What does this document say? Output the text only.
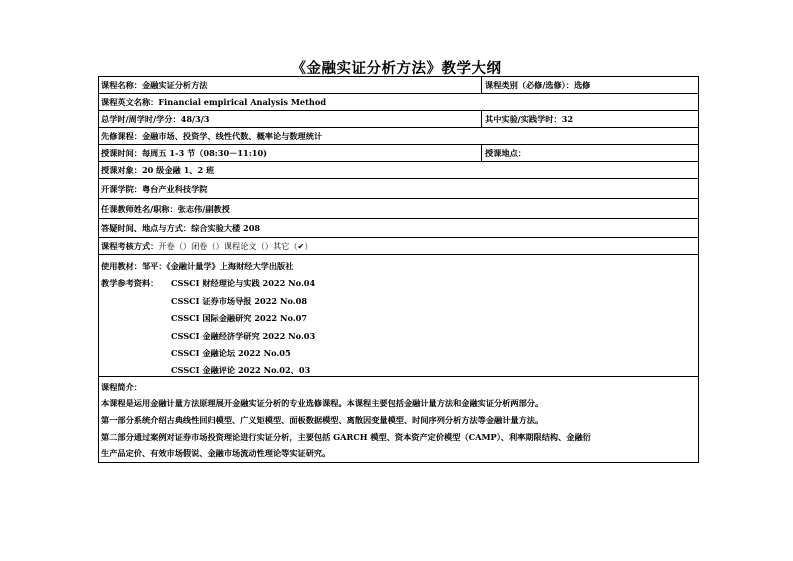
《金融实证分析方法》教学大纲
课程名称：金融实证分析方法	课程类别（必修/选修）：选修
课程英文名称：Financial empirical Analysis Method
总学时/周学时/学分：48/3/3	其中实验/实践学时：32
先修课程：金融市场、投资学、线性代数、概率论与数理统计
授课时间：每周五 1-3 节（08:30－11:10)	授课地点：
授课对象：20 级金融 1、2 班
开课学院：粤台产业科技学院
任课教师姓名/职称：张志伟/副教授
答疑时间、地点与方式：综合实验大楼 208
课程考核方式：开卷（）闭卷（）课程论文（）其它（✔）
使用教材：邹平：《金融计量学》上海财经大学出版社
教学参考资料： CSSCI 财经理论与实践 2022 No.04
CSSCI 证券市场导报 2022 No.08
CSSCI 国际金融研究 2022 No.07
CSSCI 金融经济学研究 2022 No.03
CSSCI 金融论坛 2022 No.05
CSSCI 金融评论 2022 No.02、03
课程简介：
本课程是运用金融计量方法原理展开金融实证分析的专业选修课程。本课程主要包括金融计量方法和金融实证分析两部分。
第一部分系统介绍古典线性回归模型、广义矩模型、面板数据模型、离散因变量模型、时间序列分析方法等金融计量方法。
第二部分通过案例对证券市场投资理论进行实证分析，主要包括 GARCH 模型、资本资产定价模型（CAMP）、利率期限结构、金融衍
生产品定价、有效市场假说、金融市场流动性理论等实证研究。
